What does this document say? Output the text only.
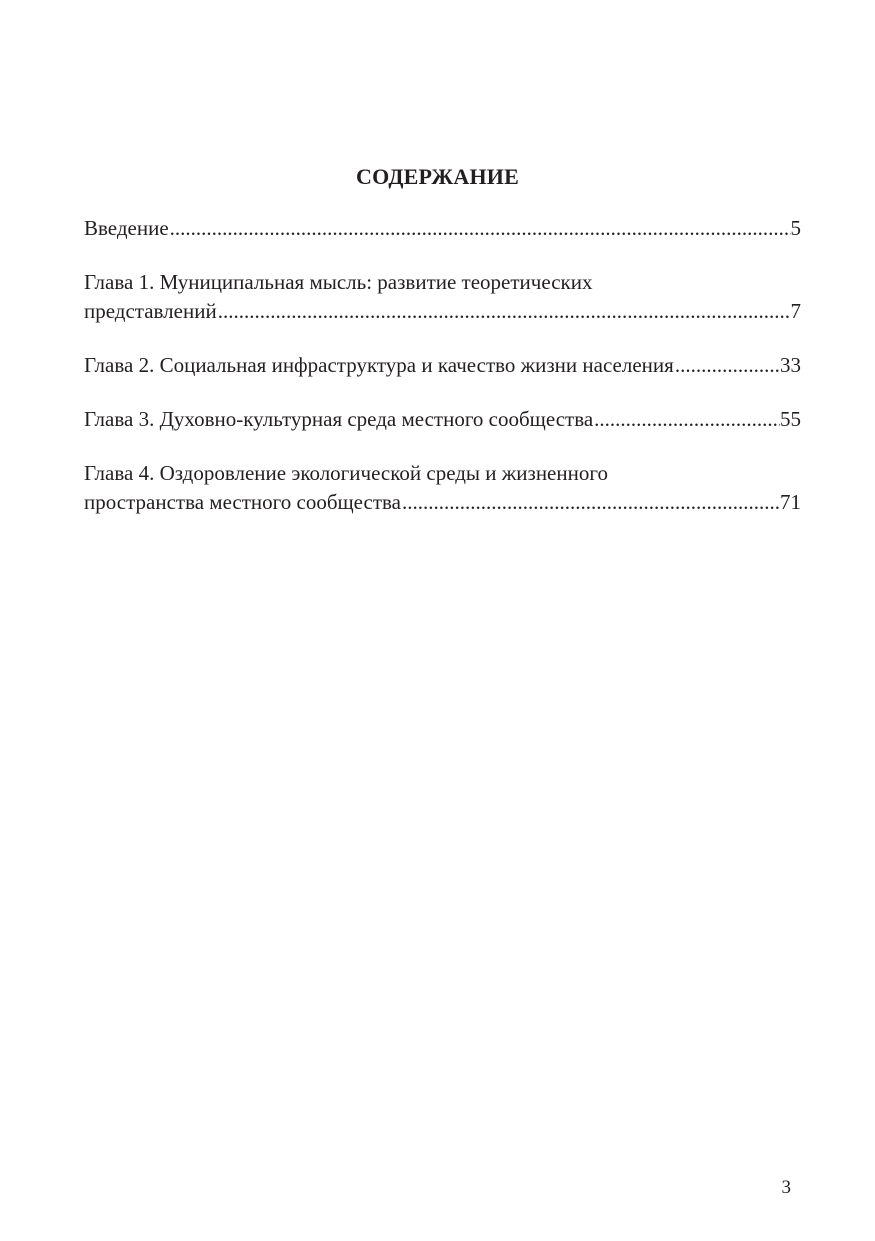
СОДЕРЖАНИЕ
Введение .....	5
Глава 1. Муниципальная мысль: развитие теоретических
представлений .....	7
Глава 2. Социальная инфраструктура и качество жизни населения .....	33
Глава 3. Духовно-культурная среда местного сообщества .....	55
Глава 4. Оздоровление экологической среды и жизненного
пространства местного сообщества .....	71

3
